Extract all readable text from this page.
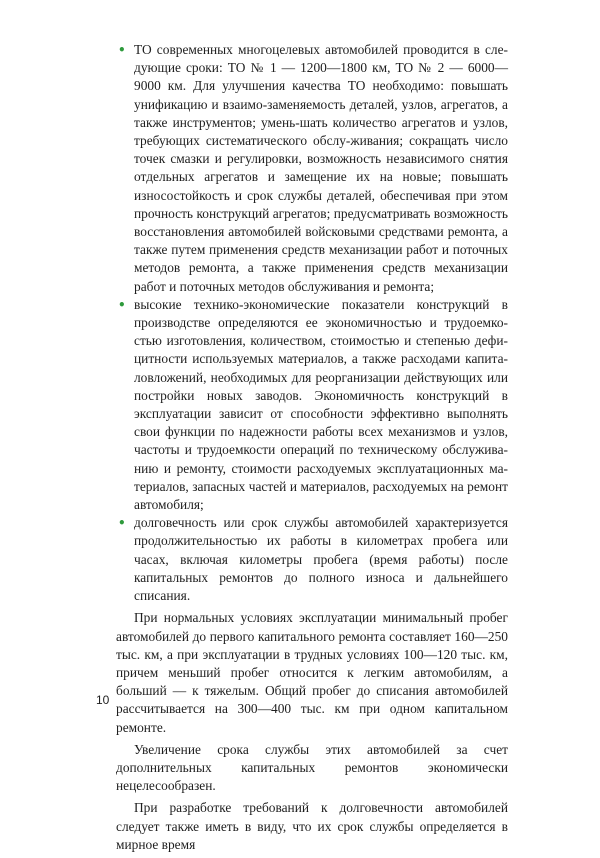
• ТО современных многоцелевых автомобилей проводится в следующие сроки: ТО № 1 — 1200—1800 км, ТО № 2 — 6000—9000 км. Для улучшения качества ТО необходимо: повышать унификацию и взаимо-заменяемость деталей, узлов, агрегатов, а также инструментов; умень-шать количество агрегатов и узлов, требующих систематического обслу-живания; сокращать число точек смазки и регулировки, возможность независимого снятия отдельных агрегатов и замещение их на новые; повышать износостойкость и срок службы деталей, обеспечивая при этом прочность конструкций агрегатов; предусматривать возможность восстановления автомобилей войсковыми средствами ремонта, а также путем применения средств механизации работ и поточных методов ремонта, а также применения средств механизации работ и поточных методов обслуживания и ремонта;
• высокие технико-экономические показатели конструкций в производстве определяются ее экономичностью и трудоемкостью изготовления, количеством, стоимостью и степенью дефицитности используемых материалов, а также расходами капиталовложений, необходимых для реорганизации действующих или постройки новых заводов. Экономичность конструкций в эксплуатации зависит от способности эффективно выполнять свои функции по надежности работы всех механизмов и узлов, частоты и трудоемкости операций по техническому обслуживанию и ремонту, стоимости расходуемых эксплуатационных материалов, запасных частей и материалов, расходуемых на ремонт автомобиля;
• долговечность или срок службы автомобилей характеризуется продолжительностью их работы в километрах пробега или часах, включая километры пробега (время работы) после капитальных ремонтов до полного износа и дальнейшего списания.

При нормальных условиях эксплуатации минимальный пробег автомобилей до первого капитального ремонта составляет 160—250 тыс. км, а при эксплуатации в трудных условиях 100—120 тыс. км, причем меньший пробег относится к легким автомобилям, а больший — к тяжелым. Общий пробег до списания автомобилей рассчитывается на 300—400 тыс. км при одном капитальном ремонте.

Увеличение срока службы этих автомобилей за счет дополнительных капитальных ремонтов экономически нецелесообразен.

При разработке требований к долговечности автомобилей следует также иметь в виду, что их срок службы определяется в мирное время

10
